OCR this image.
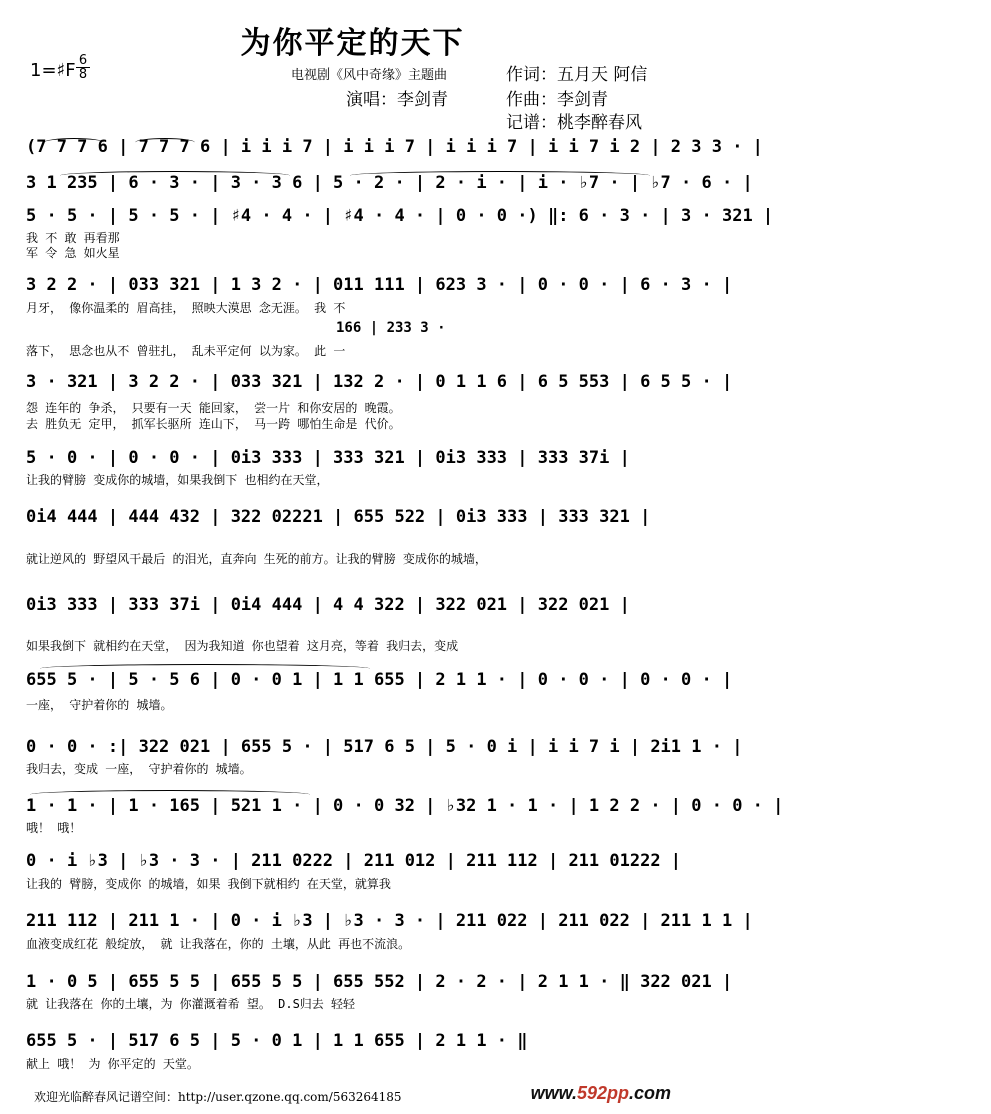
为你平定的天下
1=♯F 6
8	电视剧《风中奇缘》主题曲	作词：五月天 阿信
演唱：李剑青	作曲：李剑青
记谱：桃李醉春风
(7 7 7 6 | 7 7 7 6 | i i i 7 | i i i 7 | i i i 7 | i i 7 i 2 | 2 3 3 · |
3 1 235 | 6 · 3 · | 3 · 3 6 | 5 · 2 · | 2 · i · | i · ♭7 · | ♭7 · 6 · |
5 · 5 · | 5 · 5 · | ♯4 · 4 · | ♯4 · 4 · | 0 · 0 ·) ‖: 6 · 3 · | 3 · 321 |
我 不 敢 再看那
军 令 急 如火星
3 2 2 · | 033 321 | 1 3 2 · | 011 111 | 623 3 · | 0 · 0 · | 6 · 3 · |
月牙， 像你温柔的 眉高挂， 照映大漠思 念无涯。 我 不
166 | 233 3 ·
落下， 思念也从不 曾驻扎， 乱未平定何 以为家。 此 一
3 · 321 | 3 2 2 · | 033 321 | 132 2 · | 0 1 1 6 | 6 5 553 | 6 5 5 · |
怨 连年的 争杀， 只要有一天 能回家， 尝一片 和你安居的 晚霞。
去 胜负无 定甲， 抓军长驱所 连山下， 马一跨 哪怕生命是 代价。
5 · 0 · | 0 · 0 · | 0i3 333 | 333 321 | 0i3 333 | 333 37i |
让我的臂膀 变成你的城墙，如果我倒下 也相约在天堂，
0i4 444 | 444 432 | 322 02221 | 655 522 | 0i3 333 | 333 321 |
就让逆风的 野望风干最后 的泪光，直奔向 生死的前方。让我的臂膀 变成你的城墙，
0i3 333 | 333 37i | 0i4 444 | 4 4 322 | 322 021 | 322 021 |
如果我倒下 就相约在天堂， 因为我知道 你也望着 这月亮，等着 我归去，变成
655 5 · | 5 · 5 6 | 0 · 0 1 | 1 1 655 | 2 1 1 · | 0 · 0 · | 0 · 0 · |
一座， 守护着你的 城墙。
0 · 0 · :| 322 021 | 655 5 · | 517 6 5 | 5 · 0 i | i i 7 i | 2i1 1 · |
我归去，变成 一座， 守护着你的 城墙。
1 · 1 · | 1 · 165 | 521 1 · | 0 · 0 32 | ♭32 1 · 1 · | 1 2 2 · | 0 · 0 · |
哦！ 哦！
0 · i ♭3 | ♭3 · 3 · | 211 0222 | 211 012 | 211 112 | 211 01222 |
让我的 臂膀，变成你 的城墙，如果 我倒下就相约 在天堂，就算我
211 112 | 211 1 · | 0 · i ♭3 | ♭3 · 3 · | 211 022 | 211 022 | 211 1 1 |
血液变成红花 般绽放， 就 让我落在，你的 土壤，从此 再也不流浪。
1 · 0 5 | 655 5 5 | 655 5 5 | 655 552 | 2 · 2 · | 2 1 1 · ‖ 322 021 |
就 让我落在 你的土壤，为 你灌溉着希 望。 D.S归去 轻轻
655 5 · | 517 6 5 | 5 · 0 1 | 1 1 655 | 2 1 1 · ‖
献上 哦！ 为 你平定的 天堂。
欢迎光临醉春风记谱空间：http://user.qzone.qq.com/563264185	www.592pp.com
